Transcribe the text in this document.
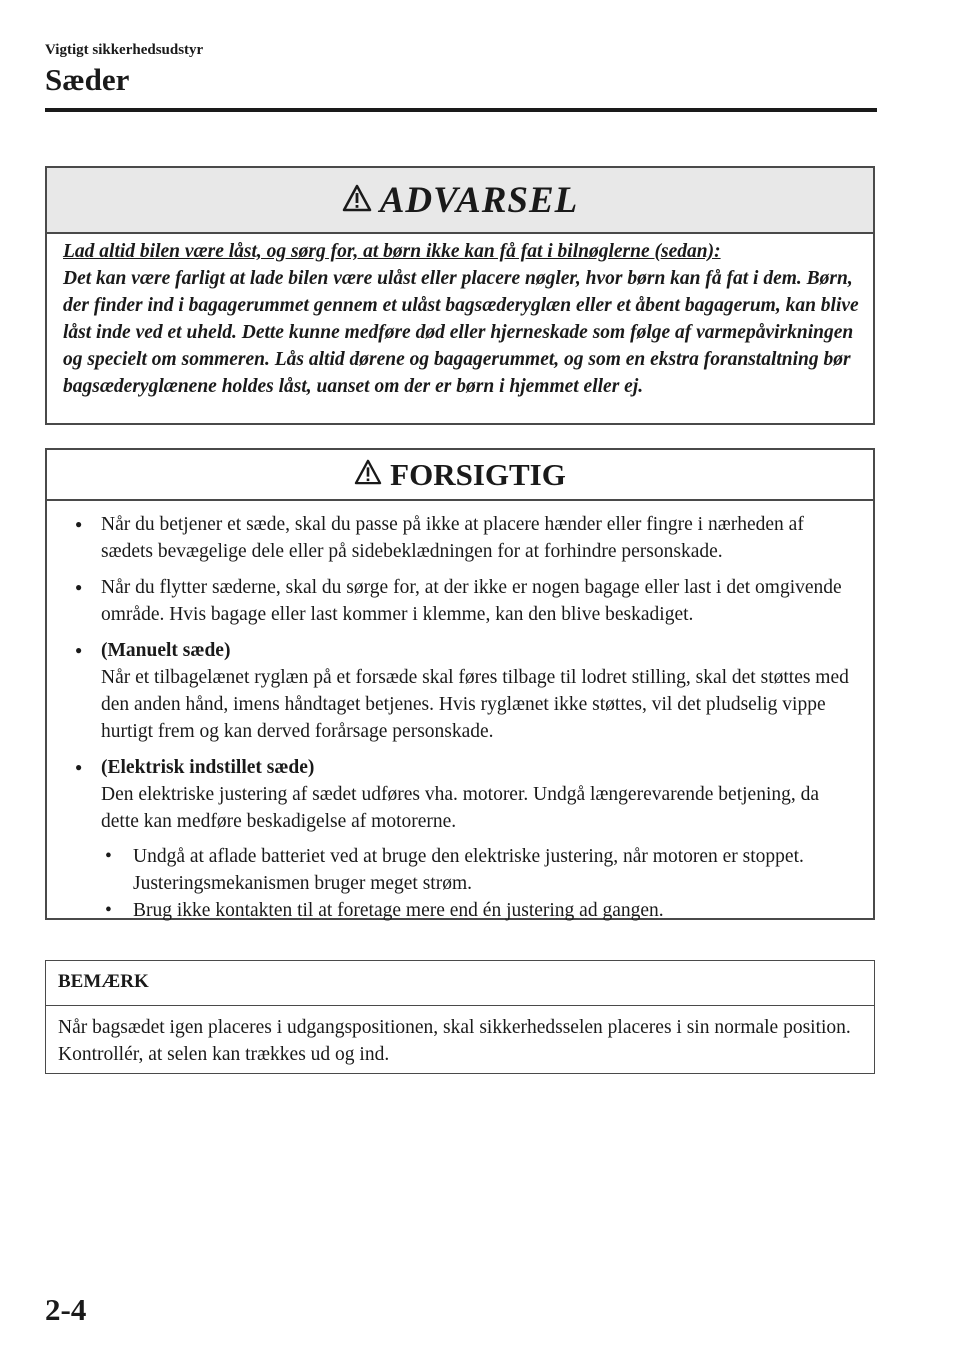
Vigtigt sikkerhedsudstyr
Sæder
ADVARSEL
Lad altid bilen være låst, og sørg for, at børn ikke kan få fat i bilnøglerne (sedan):
Det kan være farligt at lade bilen være ulåst eller placere nøgler, hvor børn kan få fat i dem. Børn, der finder ind i bagagerummet gennem et ulåst bagsæderyglæn eller et åbent bagagerum, kan blive låst inde ved et uheld. Dette kunne medføre død eller hjerneskade som følge af varmepåvirkningen og specielt om sommeren. Lås altid dørene og bagagerummet, og som en ekstra foranstaltning bør bagsæderyglænene holdes låst, uanset om der er børn i hjemmet eller ej.
FORSIGTIG
● Når du betjener et sæde, skal du passe på ikke at placere hænder eller fingre i nærheden af sædets bevægelige dele eller på sidebeklædningen for at forhindre personskade.
● Når du flytter sæderne, skal du sørge for, at der ikke er nogen bagage eller last i det omgivende område. Hvis bagage eller last kommer i klemme, kan den blive beskadiget.
● (Manuelt sæde)
Når et tilbagelænet ryglæn på et forsæde skal føres tilbage til lodret stilling, skal det støttes med den anden hånd, imens håndtaget betjenes. Hvis ryglænet ikke støttes, vil det pludselig vippe hurtigt frem og kan derved forårsage personskade.
● (Elektrisk indstillet sæde)
Den elektriske justering af sædet udføres vha. motorer. Undgå længerevarende betjening, da dette kan medføre beskadigelse af motorerne.
• Undgå at aflade batteriet ved at bruge den elektriske justering, når motoren er stoppet. Justeringsmekanismen bruger meget strøm.
• Brug ikke kontakten til at foretage mere end én justering ad gangen.
BEMÆRK
Når bagsædet igen placeres i udgangspositionen, skal sikkerhedsselen placeres i sin normale position. Kontrollér, at selen kan trækkes ud og ind.
2-4
